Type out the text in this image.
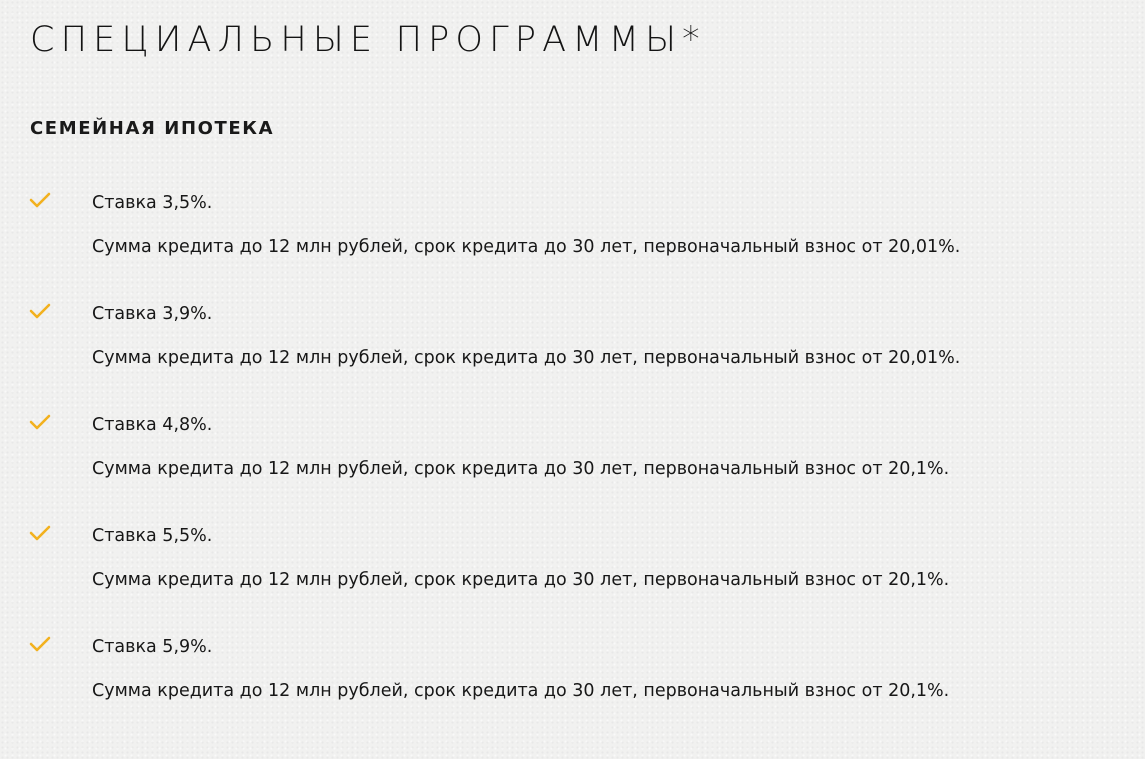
СПЕЦИАЛЬНЫЕ ПРОГРАММЫ*
СЕМЕЙНАЯ ИПОТЕКА
Ставка 3,5%.
Сумма кредита до 12 млн рублей, срок кредита до 30 лет, первоначальный взнос от 20,01%.
Ставка 3,9%.
Сумма кредита до 12 млн рублей, срок кредита до 30 лет, первоначальный взнос от 20,01%.
Ставка 4,8%.
Сумма кредита до 12 млн рублей, срок кредита до 30 лет, первоначальный взнос от 20,1%.
Ставка 5,5%.
Сумма кредита до 12 млн рублей, срок кредита до 30 лет, первоначальный взнос от 20,1%.
Ставка 5,9%.
Сумма кредита до 12 млн рублей, срок кредита до 30 лет, первоначальный взнос от 20,1%.
